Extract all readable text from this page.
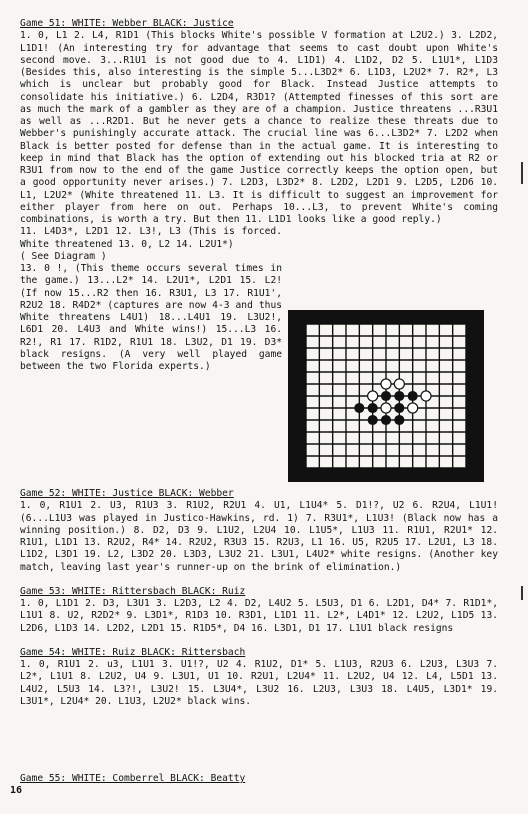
Game 51: WHITE: Webber BLACK: Justice

1. 0, L1 2. L4, R1D1 (This blocks White's possible V formation at L2U2.) 3. L2D2, L1D1! (An interesting try for advantage that seems to cast doubt upon White's second move. 3...R1U1 is not good due to 4. L1D1) 4. L1D2, D2 5. L1U1*, L1D3 (Besides this, also interesting is the simple 5...L3D2* 6. L1D3, L2U2* 7. R2*, L3 which is unclear but probably good for Black. Instead Justice attempts to consolidate his initiative.) 6. L2D4, R3D1? (Attempted finesses of this sort are as much the mark of a gambler as they are of a champion. Justice threatens ...R3U1 as well as ...R2D1. But he never gets a chance to realize these threats due to Webber's punishingly accurate attack. The crucial line was 6...L3D2* 7. L2D2 when Black is better posted for defense than in the actual game. It is interesting to keep in mind that Black has the option of extending out his blocked tria at R2 or R3U1 from now to the end of the game Justice correctly keeps the option open, but a good opportunity never arises.) 7. L2D3, L3D2* 8. L2D2, L2D1 9. L2D5, L2D6 10. L1, L2U2* (White threatened 11. L3. It is difficult to suggest an improvement for either player from here on out. Perhaps 10...L3, to prevent White's coming combinations, is worth a try. But then 11. L1D1 looks like a good reply.)

11. L4D3*, L2D1 12. L3!, L3 (This is forced. White threatened 13. 0, L2 14. L2U1*)

( See Diagram )

13. 0 !, (This theme occurs several times in the game.) 13...L2* 14. L2U1*, L2D1 15. L2! (If now 15...R2 then 16. R3U1, L3 17. R1U1', R2U2 18. R4D2* (captures are now 4-3 and thus White threatens L4U1) 18...L4U1 19. L3U2!, L6D1 20. L4U3 and White wins!) 15...L3 16. R2!, R1 17. R1D2, R1U1 18. L3U2, D1 19. D3* black resigns. (A very well played game between the two Florida experts.)

Game 52: WHITE: Justice BLACK: Webber

1. 0, R1U1 2. U3, R1U3 3. R1U2, R2U1 4. U1, L1U4* 5. D1!?, U2 6. R2U4, L1U1! (6...L1U3 was played in Justico-Hawkins, rd. 1) 7. R3U1*, L1U3! (Black now has a winning position.) 8. D2, D3 9. L1U2, L2U4 10. L1U5*, L1U3 11. R1U1, R2U1* 12. R1U1, L1D1 13. R2U2, R4* 14. R2U2, R3U3 15. R2U3, L1 16. U5, R2U5 17. L2U1, L3 18. L1D2, L3D1 19. L2, L3D2 20. L3D3, L3U2 21. L3U1, L4U2* white resigns. (Another key match, leaving last year's runner-up on the brink of elimination.)

Game 53: WHITE: Rittersbach BLACK: Ruiz

1. 0, L1D1 2. D3, L3U1 3. L2D3, L2 4. D2, L4U2 5. L5U3, D1 6. L2D1, D4* 7. R1D1*, L1U1 8. U2, R2D2* 9. L3D1*, R1D3 10. R3D1, L1D1 11. L2*, L4D1* 12. L2U2, L1D5 13. L2D6, L1D3 14. L2D2, L2D1 15. R1D5*, D4 16. L3D1, D1 17. L1U1 black resigns

Game 54: WHITE: Ruiz BLACK: Rittersbach

1. 0, R1U1 2. u3, L1U1 3. U1!?, U2 4. R1U2, D1* 5. L1U3, R2U3 6. L2U3, L3U3 7. L2*, L1U1 8. L2U2, U4 9. L3U1, U1 10. R2U1, L2U4* 11. L2U2, U4 12. L4, L5D1 13. L4U2, L5U3 14. L3?!, L3U2! 15. L3U4*, L3U2 16. L2U3, L3U3 18. L4U5, L3D1* 19. L3U1*, L2U4* 20. L1U3, L2U2* black wins.

Game 55: WHITE: Comberrel BLACK: Beatty

16
